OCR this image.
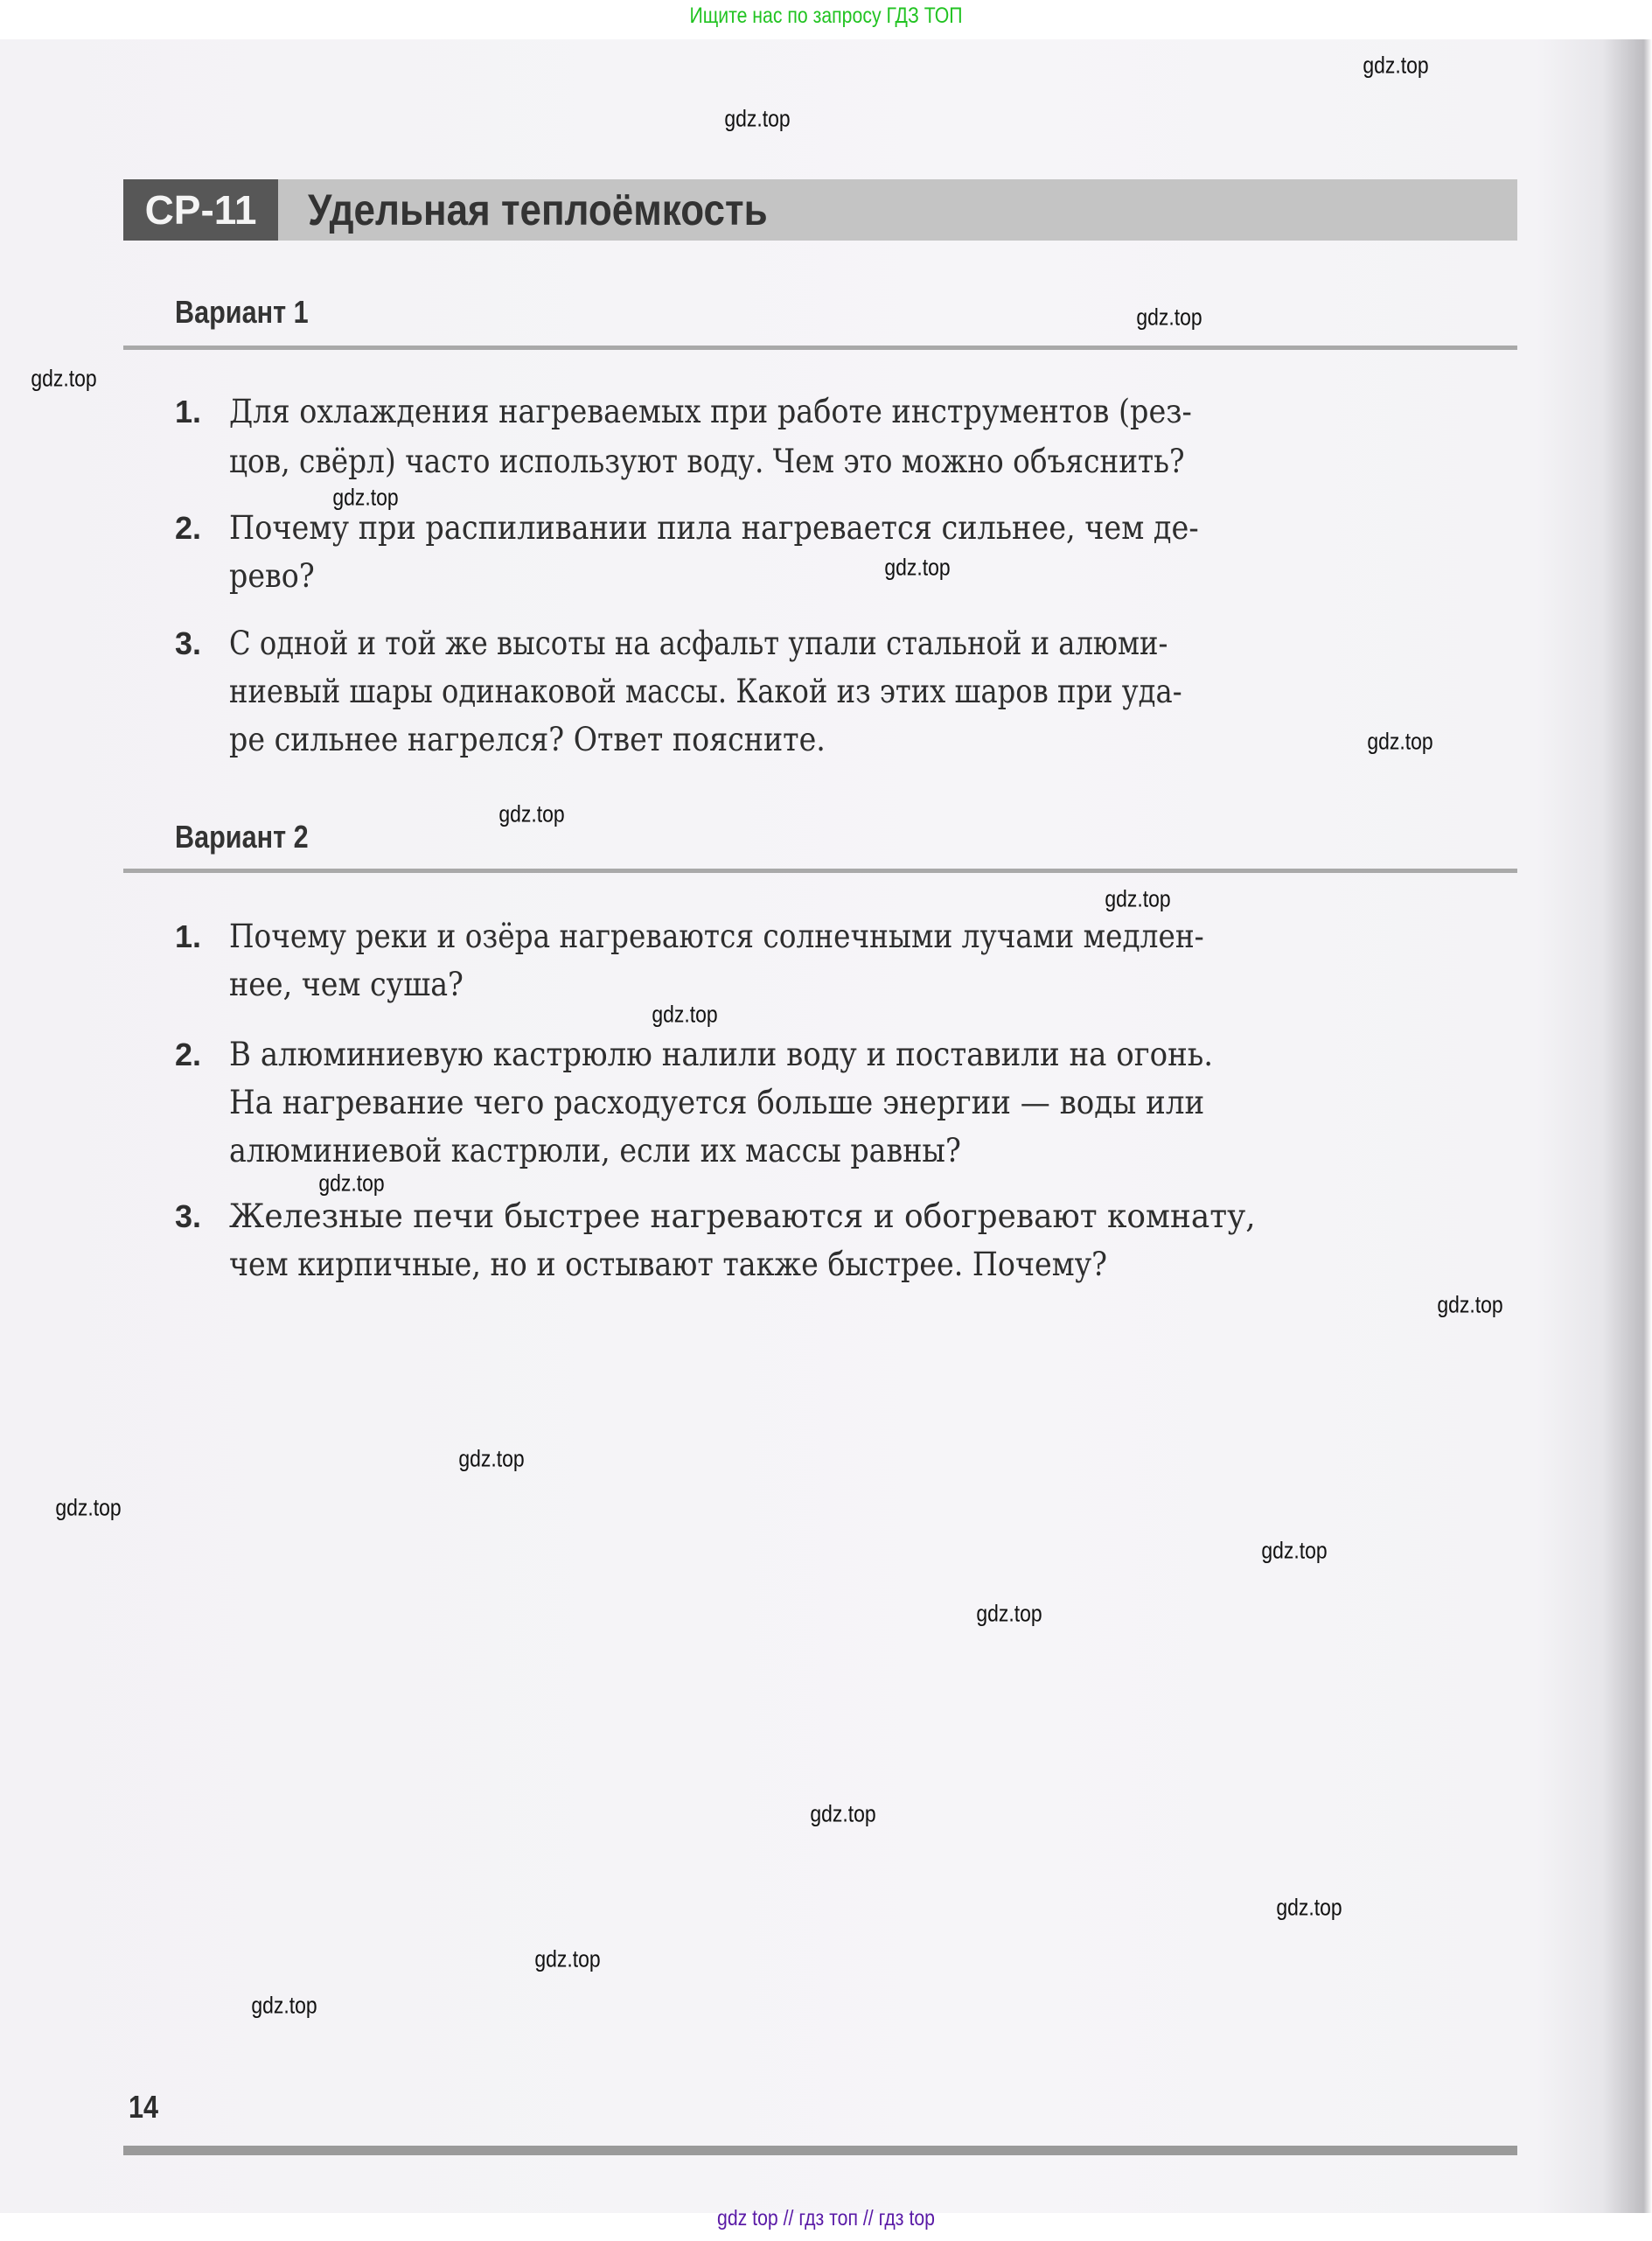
Ищите нас по запросу ГДЗ ТОП
СР-11	Удельная теплоёмкость
Вариант 1
1. Для охлаждения нагреваемых при работе инструментов (рез-
цов, свёрл) часто используют воду. Чем это можно объяснить?
2. Почему при распиливании пила нагревается сильнее, чем де-
рево?
3. С одной и той же высоты на асфальт упали стальной и алюми-
ниевый шары одинаковой массы. Какой из этих шаров при уда-
ре сильнее нагрелся? Ответ поясните.
Вариант 2
1. Почему реки и озёра нагреваются солнечными лучами медлен-
нее, чем суша?
2. В алюминиевую кастрюлю налили воду и поставили на огонь.
На нагревание чего расходуется больше энергии — воды или
алюминиевой кастрюли, если их массы равны?
3. Железные печи быстрее нагреваются и обогревают комнату,
чем кирпичные, но и остывают также быстрее. Почему?
14
gdz.top
gdz.top
gdz.top
gdz.top
gdz.top
gdz.top
gdz.top
gdz.top
gdz.top
gdz.top
gdz.top
gdz.top
gdz.top
gdz.top
gdz.top
gdz.top
gdz.top
gdz.top
gdz.top
gdz.top
gdz top // гдз топ // гдз top
